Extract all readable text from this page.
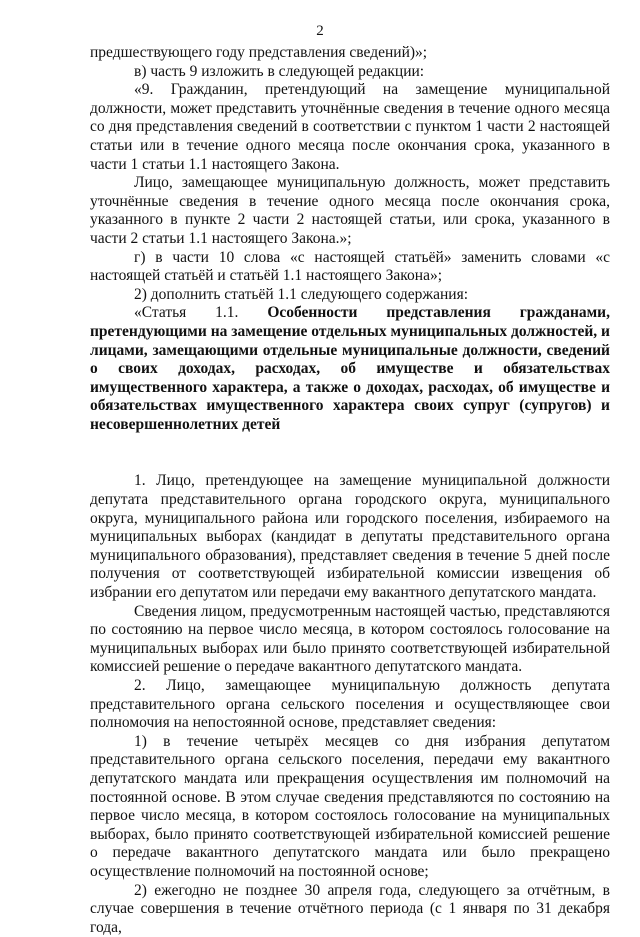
2

предшествующего году представления сведений)»;

в) часть 9 изложить в следующей редакции:

«9. Гражданин, претендующий на замещение муниципальной должности, может представить уточнённые сведения в течение одного месяца со дня представления сведений в соответствии с пунктом 1 части 2 настоящей статьи или в течение одного месяца после окончания срока, указанного в части 1 статьи 1.1 настоящего Закона.

Лицо, замещающее муниципальную должность, может представить уточнённые сведения в течение одного месяца после окончания срока, указанного в пункте 2 части 2 настоящей статьи, или срока, указанного в части 2 статьи 1.1 настоящего Закона.»;

г) в части 10 слова «с настоящей статьёй» заменить словами «с настоящей статьёй и статьёй 1.1 настоящего Закона»;

2) дополнить статьёй 1.1 следующего содержания:

«Статья 1.1. Особенности представления гражданами, претендующими на замещение отдельных муниципальных должностей, и лицами, замещающими отдельные муниципальные должности, сведений о своих доходах, расходах, об имуществе и обязательствах имущественного характера, а также о доходах, расходах, об имуществе и обязательствах имущественного характера своих супруг (супругов) и несовершеннолетних детей

1. Лицо, претендующее на замещение муниципальной должности депутата представительного органа городского округа, муниципального округа, муниципального района или городского поселения, избираемого на муниципальных выборах (кандидат в депутаты представительного органа муниципального образования), представляет сведения в течение 5 дней после получения от соответствующей избирательной комиссии извещения об избрании его депутатом или передачи ему вакантного депутатского мандата.

Сведения лицом, предусмотренным настоящей частью, представляются по состоянию на первое число месяца, в котором состоялось голосование на муниципальных выборах или было принято соответствующей избирательной комиссией решение о передаче вакантного депутатского мандата.

2. Лицо, замещающее муниципальную должность депутата представительного органа сельского поселения и осуществляющее свои полномочия на непостоянной основе, представляет сведения:

1) в течение четырёх месяцев со дня избрания депутатом представительного органа сельского поселения, передачи ему вакантного депутатского мандата или прекращения осуществления им полномочий на постоянной основе. В этом случае сведения представляются по состоянию на первое число месяца, в котором состоялось голосование на муниципальных выборах, было принято соответствующей избирательной комиссией решение о передаче вакантного депутатского мандата или было прекращено осуществление полномочий на постоянной основе;

2) ежегодно не позднее 30 апреля года, следующего за отчётным, в случае совершения в течение отчётного периода (с 1 января по 31 декабря года,
